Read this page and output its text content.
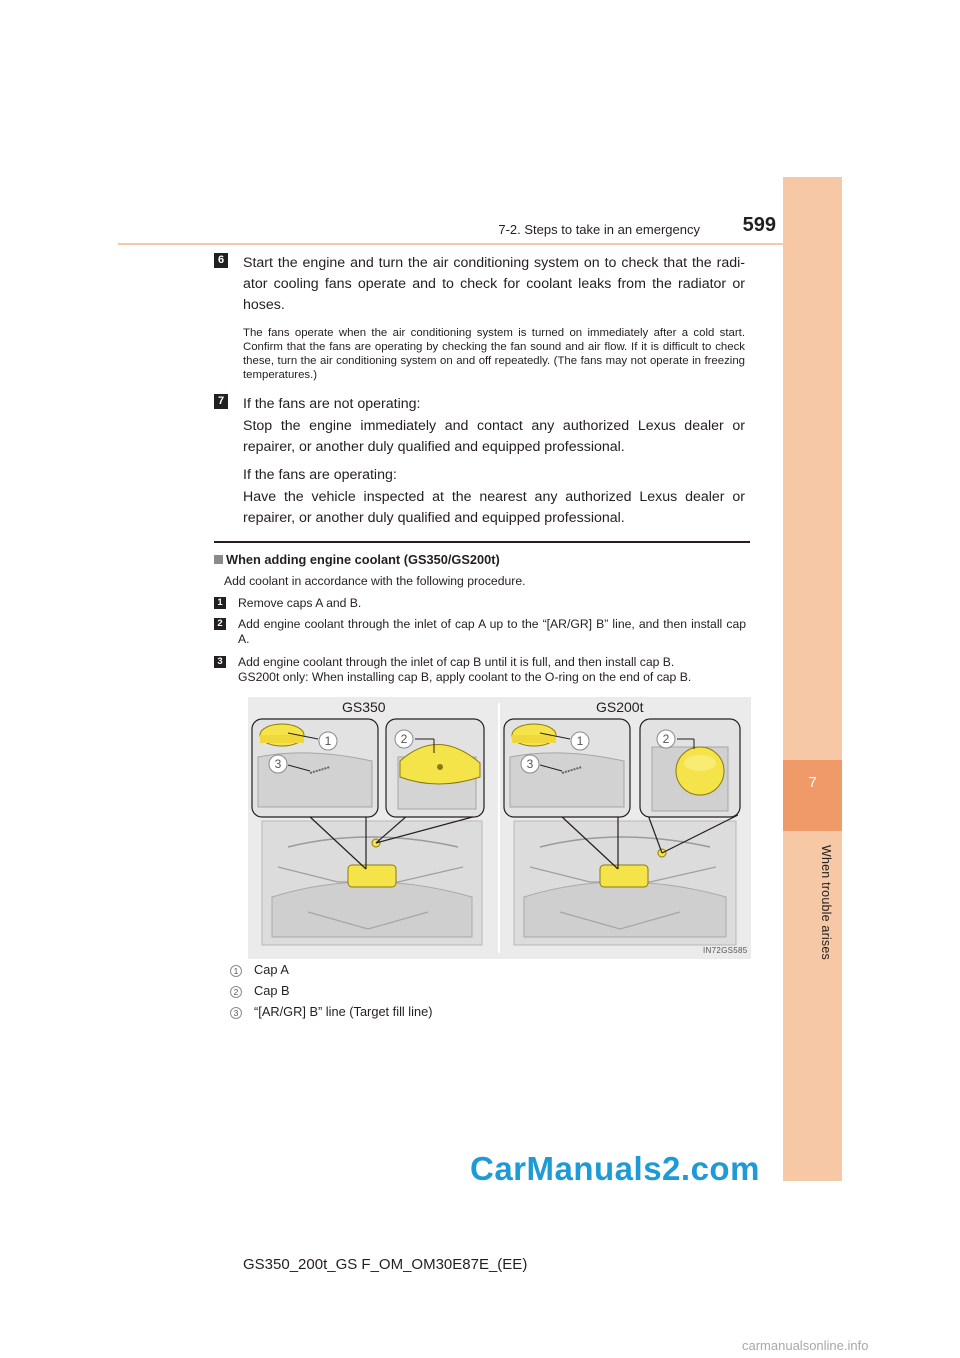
7
When trouble arises
7-2. Steps to take in an emergency	599
6 Start the engine and turn the air conditioning system on to check that the radi-ator cooling fans operate and to check for coolant leaks from the radiator or hoses.
The fans operate when the air conditioning system is turned on immediately after a cold start. Confirm that the fans are operating by checking the fan sound and air flow. If it is difficult to check these, turn the air conditioning system on and off repeatedly. (The fans may not operate in freezing temperatures.)
7 If the fans are not operating:
Stop the engine immediately and contact any authorized Lexus dealer or repairer, or another duly qualified and equipped professional.
If the fans are operating:
Have the vehicle inspected at the nearest any authorized Lexus dealer or repairer, or another duly qualified and equipped professional.
When adding engine coolant (GS350/GS200t)
Add coolant in accordance with the following procedure.
1 Remove caps A and B.
2 Add engine coolant through the inlet of cap A up to the “[AR/GR] B” line, and then install cap A.
3 Add engine coolant through the inlet of cap B until it is full, and then install cap B.
GS200t only: When installing cap B, apply coolant to the O-ring on the end of cap B.
1	2
3
1	2
3
GS350	GS200t
IN72GS585
1 Cap A
2 Cap B
3 “[AR/GR] B” line (Target fill line)
CarManuals2.com
GS350_200t_GS F_OM_OM30E87E_(EE)
carmanualsonline.info
